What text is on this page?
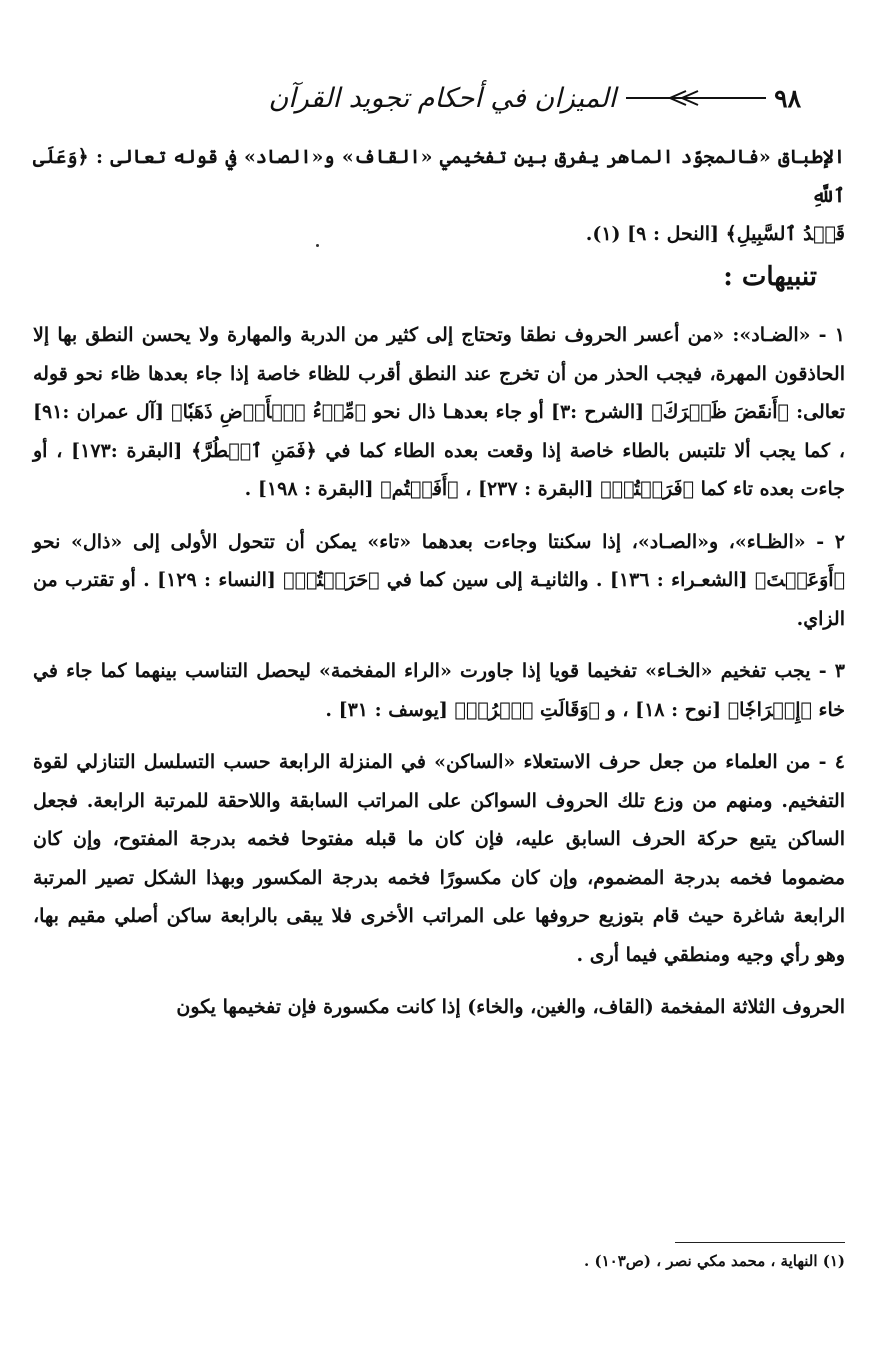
٩٨
الميزان في أحكام تجويد القرآن

الإطباق «فالمجوّد الماهر يفرق بين تفخيمي «القاف» و«الصاد» في قوله تعالى : ﴿وَعَلَى ٱللَّهِ

قَصۡدُ ٱلسَّبِيلِ﴾ [النحل : ٩] (١).

تنبيهات :

١ - «الضـاد»: «من أعسر الحروف نطقا وتحتاج إلى كثير من الدربة والمهارة ولا يحسن النطق بها إلا الحاذقون المهرة، فيجب الحذر من أن تخرج عند النطق أقرب للظاء خاصة إذا جاء بعدها ظاء نحو قوله تعالى: ﴿أَنقَضَ ظَهۡرَكَ﴾ [الشرح :٣] أو جاء بعدهـا ذال نحو ﴿مِّلۡءُ ٱلۡأَرۡضِ ذَهَبٗا﴾ [آل عمران :٩١] ، كما يجب ألا تلتبس بالطاء خاصة إذا وقعت بعده الطاء كما في ﴿فَمَنِ ٱضۡطُرَّ﴾ [البقرة :١٧٣] ، أو جاءت بعده تاء كما ﴿فَرَضۡتُمۡ﴾ [البقرة : ٢٣٧] ، ﴿أَفَضۡتُم﴾ [البقرة : ١٩٨] .

٢ - «الظـاء»، و«الصـاد»، إذا سكنتا وجاءت بعدهما «تاء» يمكن أن تتحول الأولى إلى «ذال» نحو ﴿أَوَعَظۡتَ﴾ [الشعـراء : ١٣٦] . والثانيـة إلى سين كما في ﴿حَرَصۡتُمۡ﴾ [النساء : ١٢٩] . أو تقترب من الزاي.

٣ - يجب تفخيم «الخـاء» تفخيما قويا إذا جاورت «الراء المفخمة» ليحصل التناسب بينهما كما جاء في خاء ﴿إِخۡرَاجٗا﴾ [نوح : ١٨] ، و ﴿وَقَالَتِ ٱخۡرُجۡ﴾ [يوسف : ٣١] .

٤ - من العلماء من جعل حرف الاستعلاء «الساكن» في المنزلة الرابعة حسب التسلسل التنازلي لقوة التفخيم. ومنهم من وزع تلك الحروف السواكن على المراتب السابقة واللاحقة للمرتبة الرابعة. فجعل الساكن يتبع حركة الحرف السابق عليه، فإن كان ما قبله مفتوحا فخمه بدرجة المفتوح، وإن كان مضموما فخمه بدرجة المضموم، وإن كان مكسورًا فخمه بدرجة المكسور وبهذا الشكل تصير المرتبة الرابعة شاغرة حيث قام بتوزيع حروفها على المراتب الأخرى فلا يبقى بالرابعة ساكن أصلي مقيم بها، وهو رأي وجيه ومنطقي فيما أرى .

الحروف الثلاثة المفخمة (القاف، والغين، والخاء) إذا كانت مكسورة فإن تفخيمها يكون

(١) النهاية ، محمد مكي نصر ، (ص١٠٣) .
